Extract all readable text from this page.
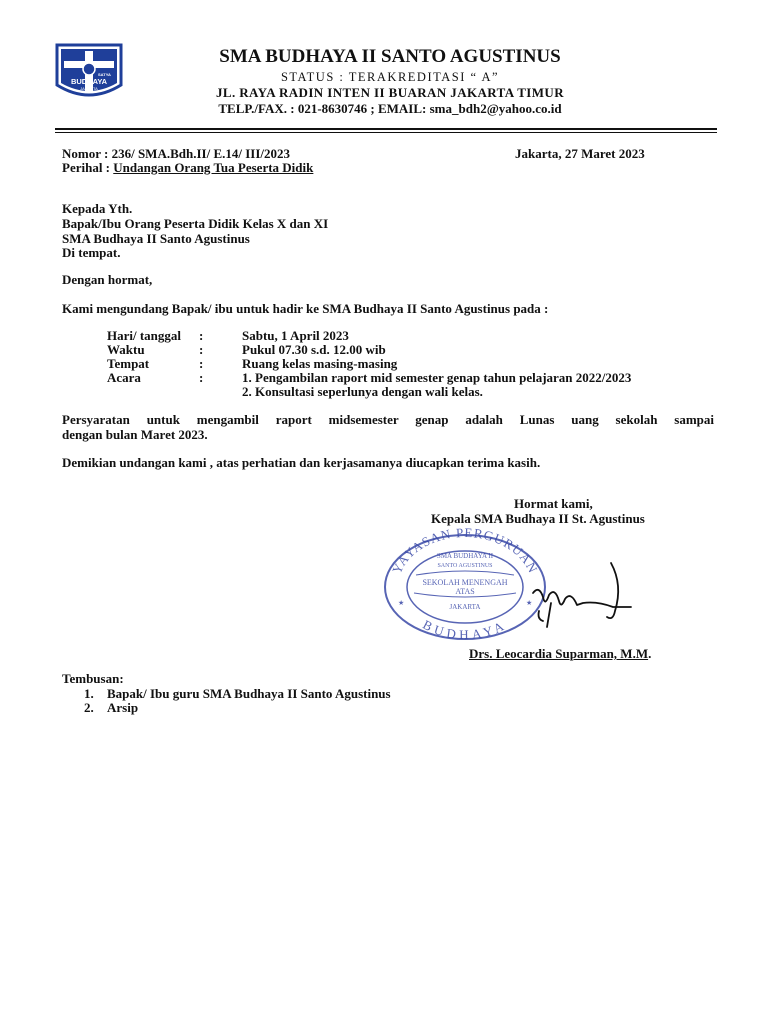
SATYA
BUDHAYA
JAKARTA
SMA BUDHAYA II SANTO AGUSTINUS
STATUS : TERAKREDITASI “ A”
JL. RAYA RADIN INTEN II BUARAN JAKARTA TIMUR
TELP./FAX. : 021-8630746 ; EMAIL: sma_bdh2@yahoo.co.id
Nomor : 236/ SMA.Bdh.II/ E.14/ III/2023	Jakarta, 27 Maret 2023
Perihal : Undangan Orang Tua Peserta Didik
Kepada Yth.
Bapak/Ibu Orang Peserta Didik Kelas X dan XI
SMA Budhaya II Santo Agustinus
Di tempat.
Dengan hormat,
Kami mengundang Bapak/ ibu untuk hadir ke SMA Budhaya II Santo Agustinus pada :
Hari/ tanggal :	Sabtu, 1 April 2023
Waktu	:	Pukul 07.30 s.d. 12.00 wib
Tempat	:	Ruang kelas masing-masing
Acara	:	1. Pengambilan raport mid semester genap tahun pelajaran 2022/2023
2. Konsultasi seperlunya dengan wali kelas.
Persyaratan untuk mengambil raport midsemester genap adalah Lunas uang sekolah sampai
dengan bulan Maret 2023.
Demikian undangan kami , atas perhatian dan kerjasamanya diucapkan terima kasih.
Hormat kami,
Kepala SMA Budhaya II St. Agustinus
YAYASAN PERGURUAN
BUDHAYA
SMA BUDHAYA II
SANTO AGUSTINUS
SEKOLAH MENENGAH
ATAS
JAKARTA
★	★
Drs. Leocardia Suparman, M.M.
Tembusan:
1. Bapak/ Ibu guru SMA Budhaya II Santo Agustinus
2. Arsip
